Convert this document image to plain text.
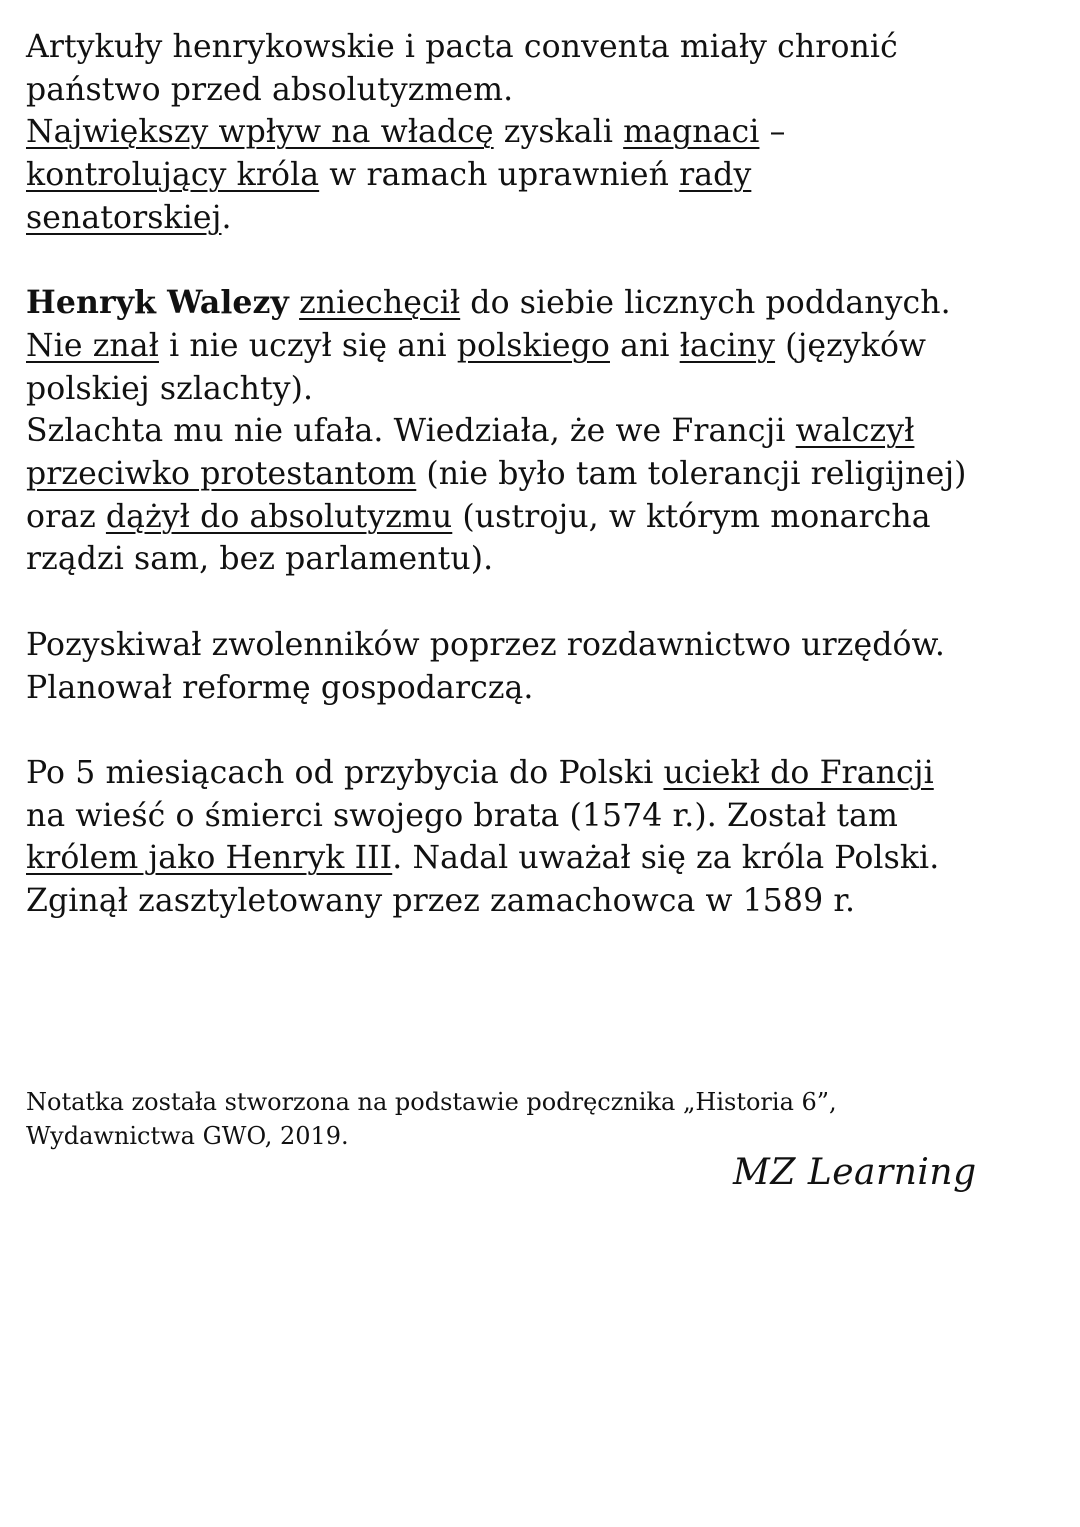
Artykuły henrykowskie i pacta conventa miały chronić
państwo przed absolutyzmem.
Największy wpływ na władcę zyskali magnaci –
kontrolujący króla w ramach uprawnień rady
senatorskiej.
Henryk Walezy zniechęcił do siebie licznych poddanych.
Nie znał i nie uczył się ani polskiego ani łaciny (języków
polskiej szlachty).
Szlachta mu nie ufała. Wiedziała, że we Francji walczył
przeciwko protestantom (nie było tam tolerancji religijnej)
oraz dążył do absolutyzmu (ustroju, w którym monarcha
rządzi sam, bez parlamentu).
Pozyskiwał zwolenników poprzez rozdawnictwo urzędów.
Planował reformę gospodarczą.
Po 5 miesiącach od przybycia do Polski uciekł do Francji
na wieść o śmierci swojego brata (1574 r.). Został tam
królem jako Henryk III. Nadal uważał się za króla Polski.
Zginął zasztyletowany przez zamachowca w 1589 r.
Notatka została stworzona na podstawie podręcznika „Historia 6”,
Wydawnictwa GWO, 2019.
MZ Learning
